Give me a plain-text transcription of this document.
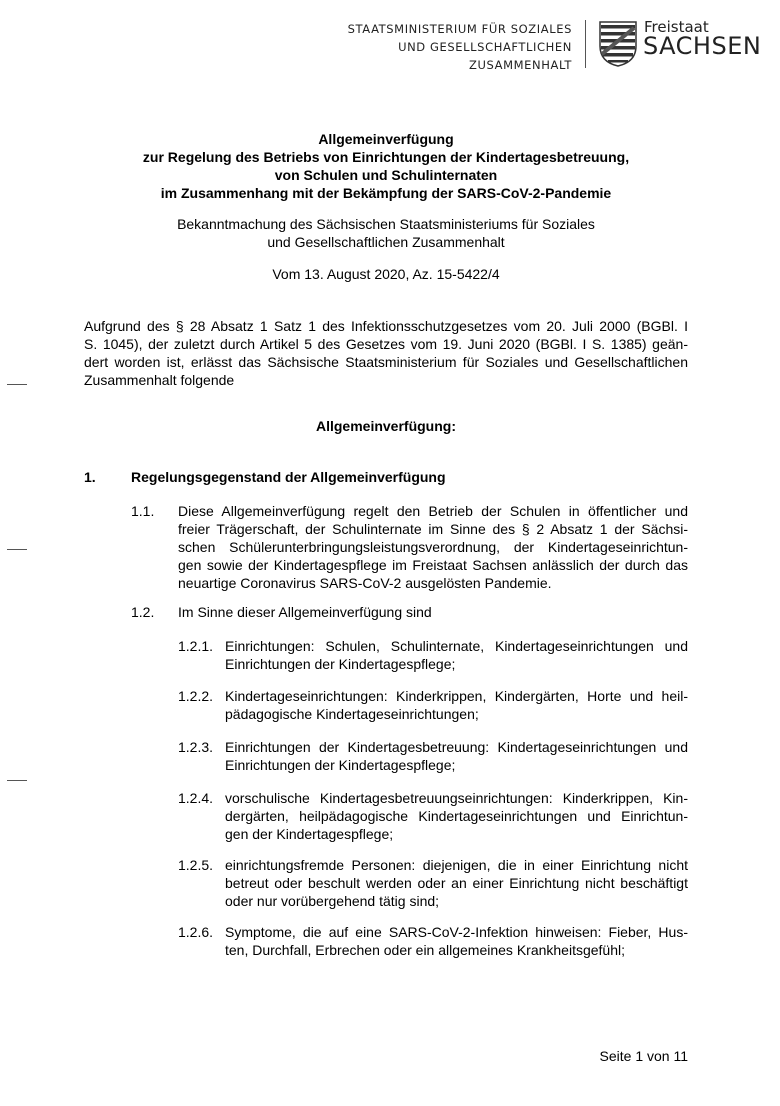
STAATSMINISTERIUM FÜR SOZIALES
UND GESELLSCHAFTLICHEN
ZUSAMMENHALT
Freistaat
SACHSEN
Allgemeinverfügung
zur Regelung des Betriebs von Einrichtungen der Kindertagesbetreuung,
von Schulen und Schulinternaten
im Zusammenhang mit der Bekämpfung der SARS-CoV-2-Pandemie
Bekanntmachung des Sächsischen Staatsministeriums für Soziales
und Gesellschaftlichen Zusammenhalt
Vom 13. August 2020, Az. 15-5422/4
Aufgrund des § 28 Absatz 1 Satz 1 des Infektionsschutzgesetzes vom 20. Juli 2000 (BGBl. I
S. 1045), der zuletzt durch Artikel 5 des Gesetzes vom 19. Juni 2020 (BGBl. I S. 1385) geän-
dert worden ist, erlässt das Sächsische Staatsministerium für Soziales und Gesellschaftlichen
Zusammenhalt folgende
Allgemeinverfügung:
1.	Regelungsgegenstand der Allgemeinverfügung
1.1. Diese Allgemeinverfügung regelt den Betrieb der Schulen in öffentlicher und
freier Trägerschaft, der Schulinternate im Sinne des § 2 Absatz 1 der Sächsi-
schen Schülerunterbringungsleistungsverordnung, der Kindertageseinrichtun-
gen sowie der Kindertagespflege im Freistaat Sachsen anlässlich der durch das
neuartige Coronavirus SARS-CoV-2 ausgelösten Pandemie.
1.2. Im Sinne dieser Allgemeinverfügung sind
1.2.1. Einrichtungen: Schulen, Schulinternate, Kindertageseinrichtungen und
Einrichtungen der Kindertagespflege;
1.2.2. Kindertageseinrichtungen: Kinderkrippen, Kindergärten, Horte und heil-
pädagogische Kindertageseinrichtungen;
1.2.3. Einrichtungen der Kindertagesbetreuung: Kindertageseinrichtungen und
Einrichtungen der Kindertagespflege;
1.2.4. vorschulische Kindertagesbetreuungseinrichtungen: Kinderkrippen, Kin-
dergärten, heilpädagogische Kindertageseinrichtungen und Einrichtun-
gen der Kindertagespflege;
1.2.5. einrichtungsfremde Personen: diejenigen, die in einer Einrichtung nicht
betreut oder beschult werden oder an einer Einrichtung nicht beschäftigt
oder nur vorübergehend tätig sind;
1.2.6. Symptome, die auf eine SARS-CoV-2-Infektion hinweisen: Fieber, Hus-
ten, Durchfall, Erbrechen oder ein allgemeines Krankheitsgefühl;
Seite 1 von 11
